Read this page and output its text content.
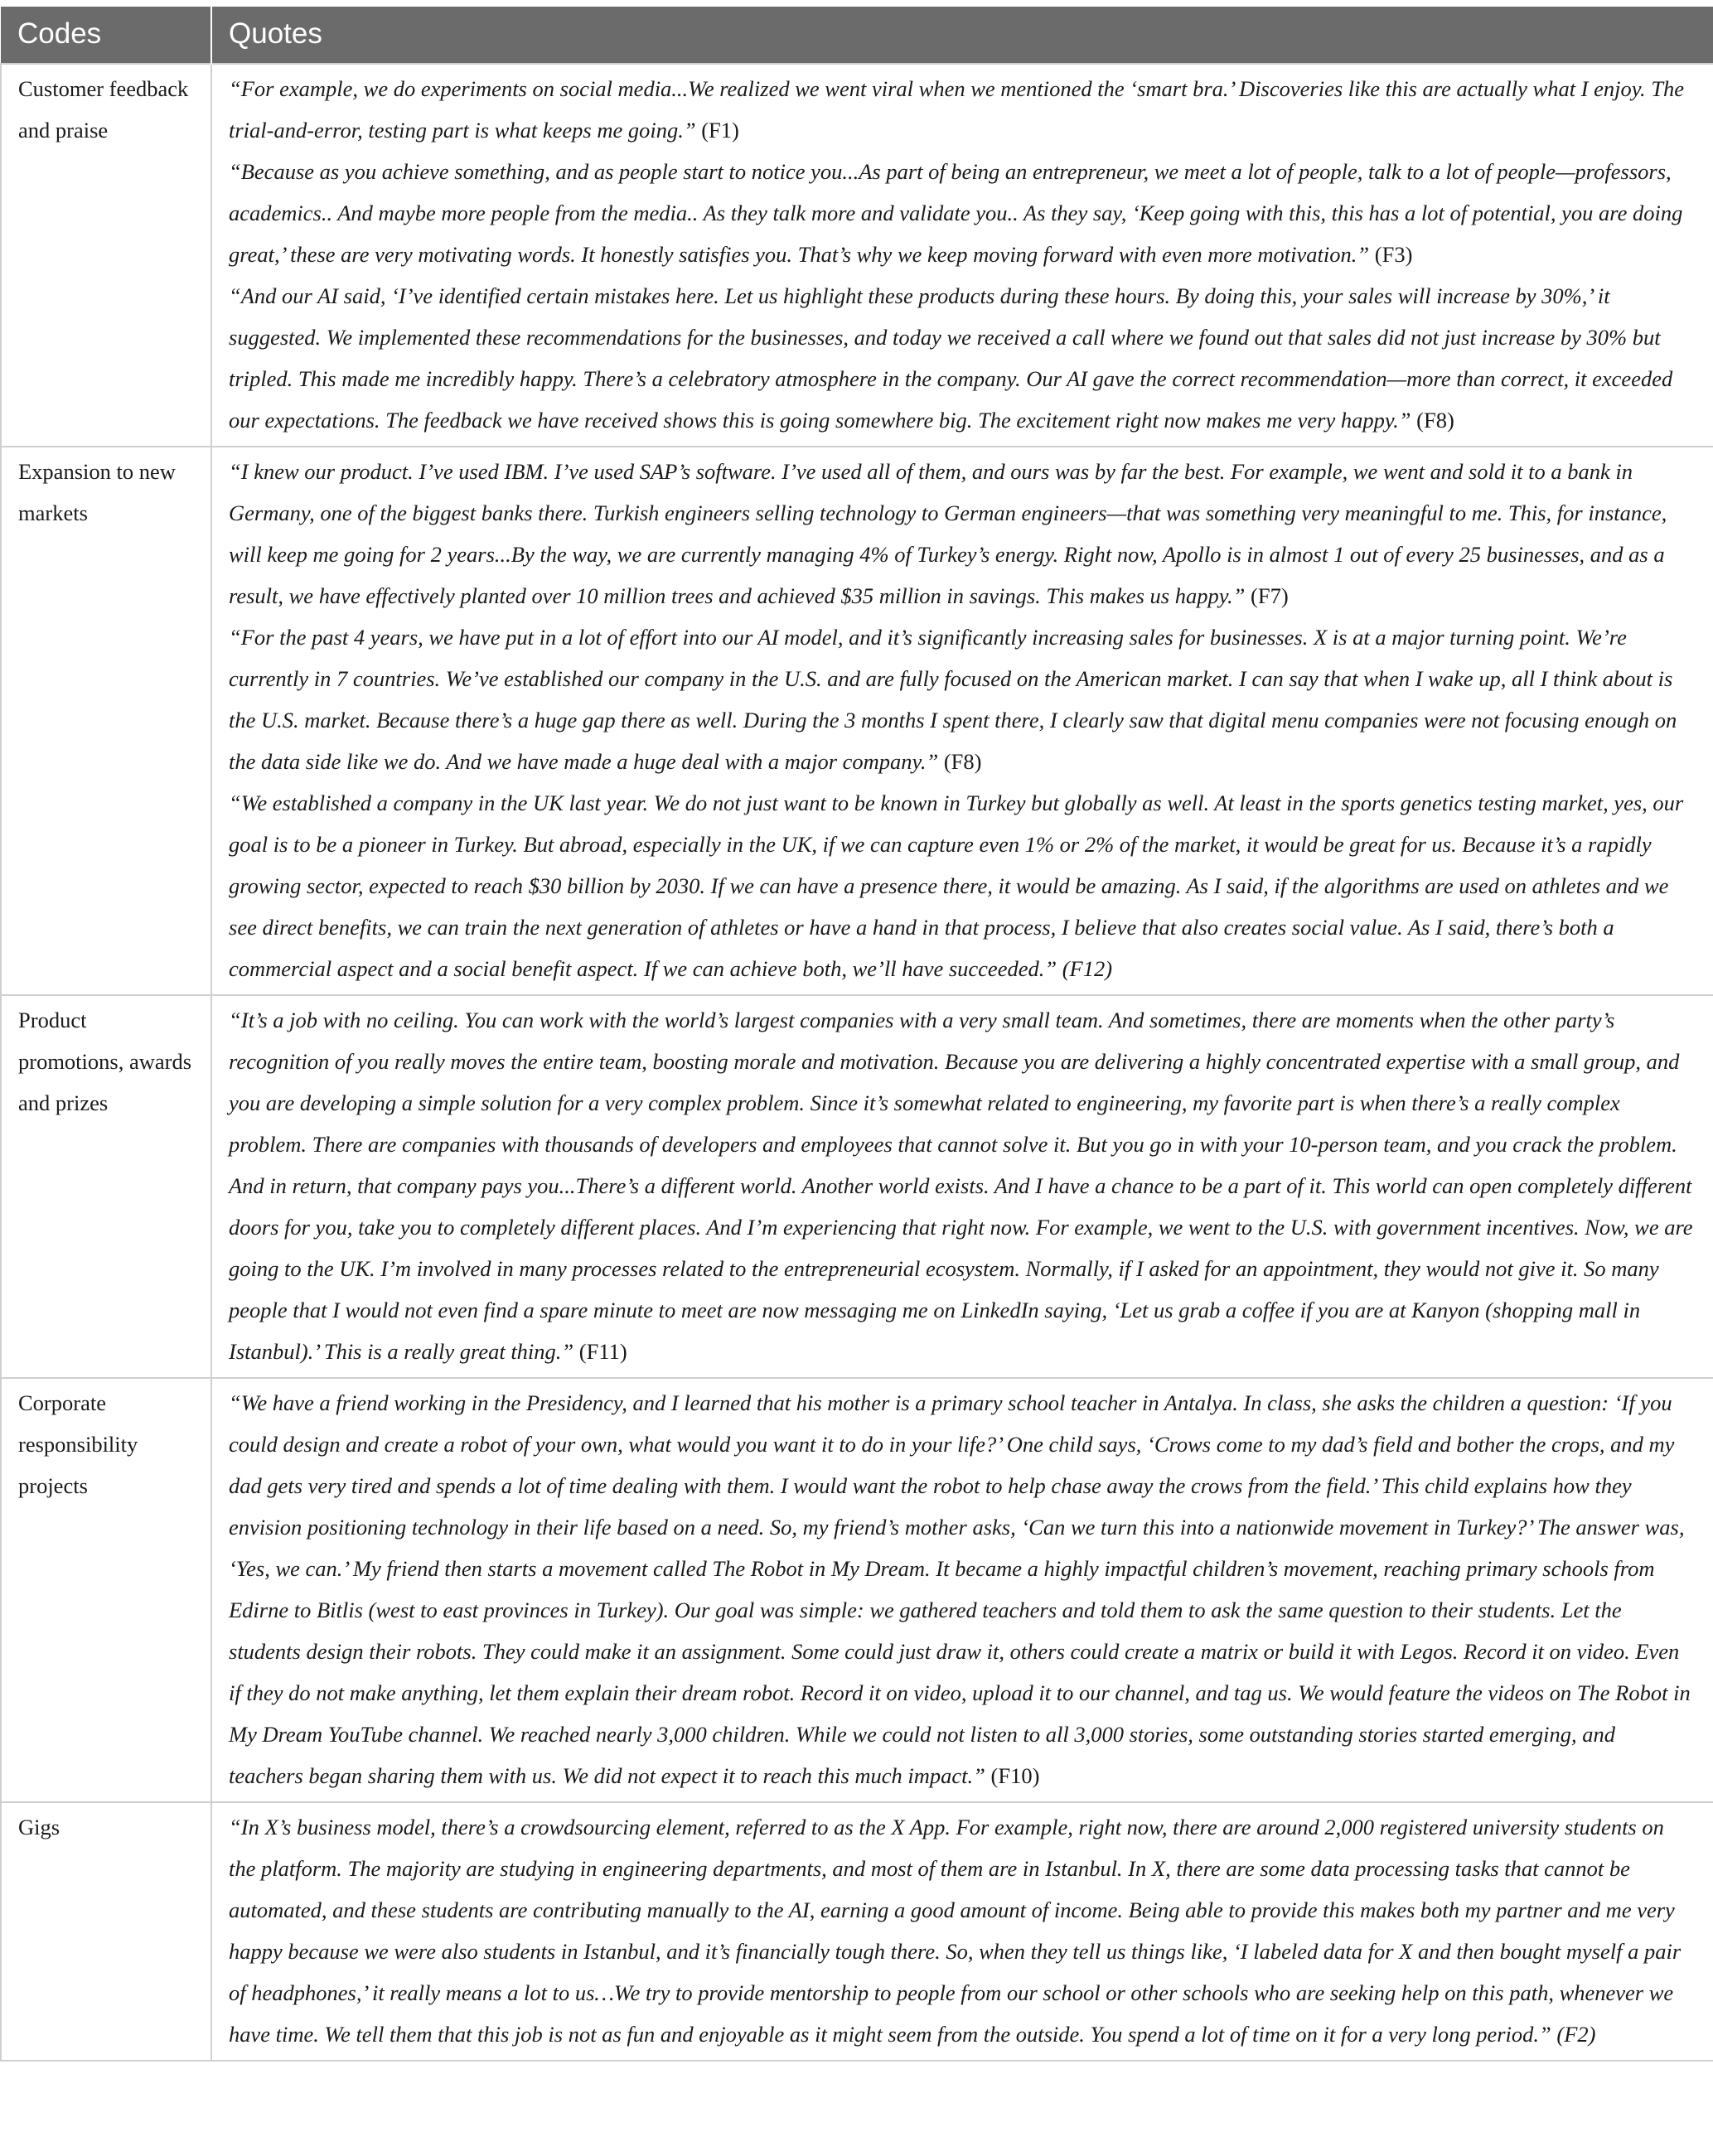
Codes	Quotes
Customer feedback and praise	“For example, we do experiments on social media...We realized we went viral when we mentioned the ‘smart bra.’ Discoveries like this are actually what I enjoy. The trial-and-error, testing part is what keeps me going.” (F1)
“Because as you achieve something, and as people start to notice you...As part of being an entrepreneur, we meet a lot of people, talk to a lot of people—professors, academics.. And maybe more people from the media.. As they talk more and validate you.. As they say, ‘Keep going with this, this has a lot of potential, you are doing great,’ these are very motivating words. It honestly satisfies you. That’s why we keep moving forward with even more motivation.” (F3)
“And our AI said, ‘I’ve identified certain mistakes here. Let us highlight these products during these hours. By doing this, your sales will increase by 30%,’ it suggested. We implemented these recommendations for the businesses, and today we received a call where we found out that sales did not just increase by 30% but tripled. This made me incredibly happy. There’s a celebratory atmosphere in the company. Our AI gave the correct recommendation—more than correct, it exceeded our expectations. The feedback we have received shows this is going somewhere big. The excitement right now makes me very happy.” (F8)

Expansion to new markets	“I knew our product. I’ve used IBM. I’ve used SAP’s software. I’ve used all of them, and ours was by far the best. For example, we went and sold it to a bank in Germany, one of the biggest banks there. Turkish engineers selling technology to German engineers—that was something very meaningful to me. This, for instance, will keep me going for 2 years...By the way, we are currently managing 4% of Turkey’s energy. Right now, Apollo is in almost 1 out of every 25 businesses, and as a result, we have effectively planted over 10 million trees and achieved $35 million in savings. This makes us happy.” (F7)
“For the past 4 years, we have put in a lot of effort into our AI model, and it’s significantly increasing sales for businesses. X is at a major turning point. We’re currently in 7 countries. We’ve established our company in the U.S. and are fully focused on the American market. I can say that when I wake up, all I think about is the U.S. market. Because there’s a huge gap there as well. During the 3 months I spent there, I clearly saw that digital menu companies were not focusing enough on the data side like we do. And we have made a huge deal with a major company.” (F8)
“We established a company in the UK last year. We do not just want to be known in Turkey but globally as well. At least in the sports genetics testing market, yes, our goal is to be a pioneer in Turkey. But abroad, especially in the UK, if we can capture even 1% or 2% of the market, it would be great for us. Because it’s a rapidly growing sector, expected to reach $30 billion by 2030. If we can have a presence there, it would be amazing. As I said, if the algorithms are used on athletes and we see direct benefits, we can train the next generation of athletes or have a hand in that process, I believe that also creates social value. As I said, there’s both a commercial aspect and a social benefit aspect. If we can achieve both, we’ll have succeeded.” (F12)

Product promotions, awards and prizes	“It’s a job with no ceiling. You can work with the world’s largest companies with a very small team. And sometimes, there are moments when the other party’s recognition of you really moves the entire team, boosting morale and motivation. Because you are delivering a highly concentrated expertise with a small group, and you are developing a simple solution for a very complex problem. Since it’s somewhat related to engineering, my favorite part is when there’s a really complex problem. There are companies with thousands of developers and employees that cannot solve it. But you go in with your 10-person team, and you crack the problem. And in return, that company pays you...There’s a different world. Another world exists. And I have a chance to be a part of it. This world can open completely different doors for you, take you to completely different places. And I’m experiencing that right now. For example, we went to the U.S. with government incentives. Now, we are going to the UK. I’m involved in many processes related to the entrepreneurial ecosystem. Normally, if I asked for an appointment, they would not give it. So many people that I would not even find a spare minute to meet are now messaging me on LinkedIn saying, ‘Let us grab a coffee if you are at Kanyon (shopping mall in Istanbul).’ This is a really great thing.” (F11)

Corporate responsibility projects	“We have a friend working in the Presidency, and I learned that his mother is a primary school teacher in Antalya. In class, she asks the children a question: ‘If you could design and create a robot of your own, what would you want it to do in your life?’ One child says, ‘Crows come to my dad’s field and bother the crops, and my dad gets very tired and spends a lot of time dealing with them. I would want the robot to help chase away the crows from the field.’ This child explains how they envision positioning technology in their life based on a need. So, my friend’s mother asks, ‘Can we turn this into a nationwide movement in Turkey?’ The answer was, ‘Yes, we can.’ My friend then starts a movement called The Robot in My Dream. It became a highly impactful children’s movement, reaching primary schools from Edirne to Bitlis (west to east provinces in Turkey). Our goal was simple: we gathered teachers and told them to ask the same question to their students. Let the students design their robots. They could make it an assignment. Some could just draw it, others could create a matrix or build it with Legos. Record it on video. Even if they do not make anything, let them explain their dream robot. Record it on video, upload it to our channel, and tag us. We would feature the videos on The Robot in My Dream YouTube channel. We reached nearly 3,000 children. While we could not listen to all 3,000 stories, some outstanding stories started emerging, and teachers began sharing them with us. We did not expect it to reach this much impact.” (F10)

Gigs	“In X’s business model, there’s a crowdsourcing element, referred to as the X App. For example, right now, there are around 2,000 registered university students on the platform. The majority are studying in engineering departments, and most of them are in Istanbul. In X, there are some data processing tasks that cannot be automated, and these students are contributing manually to the AI, earning a good amount of income. Being able to provide this makes both my partner and me very happy because we were also students in Istanbul, and it’s financially tough there. So, when they tell us things like, ‘I labeled data for X and then bought myself a pair of headphones,’ it really means a lot to us…We try to provide mentorship to people from our school or other schools who are seeking help on this path, whenever we have time. We tell them that this job is not as fun and enjoyable as it might seem from the outside. You spend a lot of time on it for a very long period.” (F2)
